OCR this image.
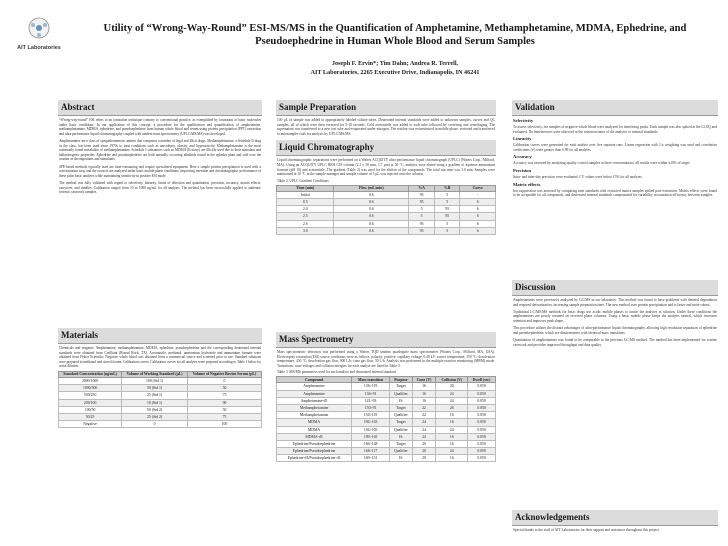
AIT Laboratories
Utility of “Wrong-Way-Round” ESI-MS/MS in the Quantification of Amphetamine, Methamphetamine, MDMA, Ephedrine, and
Pseudoephedrine in Human Whole Blood and Serum Samples
Joseph F. Ervin*; Tim Dahn; Andrea R. Terrell,
AIT Laboratories, 2265 Executive Drive, Indianapolis, IN 46241
Abstract

“Wrong-way-round” ESI refers to an ionization technique contrary to conventional practice, as exemplified by ionization of basic molecules under basic conditions. In our application of this concept, a procedure for the qualification and quantification of amphetamine, methamphetamine, MDMA, ephedrine, and pseudoephedrine from human whole blood and serum using protein precipitation (PPT) extraction and ultra performance liquid chromatography coupled with tandem mass spectrometry (UPLC/MS/MS) was developed.

Amphetamines are a class of sympathomimetic amines that comprises a number of legal and illicit drugs. Methamphetamine, a Schedule II drug in the class, has been used since 1970s to treat conditions such as narcolepsy, obesity, and hyperactivity. Methamphetamine is the most commonly found metabolite of methamphetamine. Schedule I substances such as MDMA (Ecstasy) are illicitly used due to their stimulant and hallucinogenic properties. Ephedrine and pseudoephedrine are both naturally occurring alkaloids found in the ephedra plant and sold over the counter as decongestants and stimulants.

SPE-based methods typically used are time-consuming and require specialized equipment. Here a simple protein precipitation is used with a concentration step, and the extracts are analyzed under basic mobile phase conditions, improving retention and chromatographic performance of these polar basic analytes while maintaining sensitivity in positive ESI mode.

The method was fully validated with regard to selectivity, linearity, limits of detection and quantitation, precision, accuracy, matrix effects, carryover, and stability. Calibration ranged from 10 to 1000 ng/mL for all analytes. The method has been successfully applied to authentic forensic casework samples.

Materials
Chemicals and reagents: Amphetamine, methamphetamine, MDMA, ephedrine, pseudoephedrine and the corresponding deuterated internal standards were obtained from Cerilliant (Round Rock, TX). Acetonitrile, methanol, ammonium hydroxide and ammonium formate were obtained from Fisher Scientific. Negative whole blood was obtained from a commercial source and screened prior to use. Standard solutions were prepared in methanol and stored frozen. Calibration curves: Calibration curves for all analytes were prepared according to Table 1 below by serial dilution.
Standard Concentration (ng/mL)	Volume of Working Standard (µL)	Volume of Negative Bovine Serum (µL)
2000/1000	100 (Std 1)	0
1000/500	50 (Std 1)	50
500/250	25 (Std 1)	75
200/100	10 (Std 1)	90
100/50	50 (Std 2)	50
50/25	25 (Std 2)	75
Negative	0	100
Sample Preparation
100 µL of sample was added to appropriately labeled culture tubes. Deuterated internal standards were added to unknown samples, curves and QC samples, all of which were then vortexed for 5-10 seconds. Cold acetonitrile was added to each tube followed by vortexing and centrifuging. The supernatant was transferred to a new test tube and evaporated under nitrogen. The residue was reconstituted in mobile phase, vortexed and transferred to autosampler vials for analysis by UPLC/MS/MS.
Liquid Chromatography
Liquid chromatographic separations were performed on a Waters ACQUITY ultra performance liquid chromatograph (UPLC) (Waters Corp., Milford, MA). Using an ACQUITY UPLC BEH C18 column (2.1 x 50 mm, 1.7 µm) at 50 °C, analytes were eluted using a gradient of aqueous ammonium formate (pH 10) and acetonitrile. The gradient (Table 2) was used for the elution of the compounds. The total run time was 3.0 min. Samples were maintained at 10 °C in the sample manager and sample volume of 5 µL was injected onto the column.
Table 2. UPLC Gradient Conditions
Time (min)	Flow (mL/min)	%A	%B	Curve
Initial	0.6	95	5	-
0.5	0.6	95	5	6
2.0	0.6	5	95	6
2.5	0.6	5	95	6
2.6	0.6	95	5	6
3.0	0.6	95	5	6
Mass Spectrometry
Mass spectrometric detection was performed using a Waters TQD tandem quadrupole mass spectrometer (Waters Corp., Milford, MA, USA). Electrospray ionization (ESI) source conditions were as follows: polarity, positive; capillary voltage, 0.40 kV; source temperature, 150 °C; desolvation temperature, 450 °C; desolvation gas flow, 900 L/h; cone gas flow, 50 L/h. Analysis was performed in the multiple reaction monitoring (MRM) mode. Transitions, cone voltages and collision energies for each analyte are listed in Table 3.
Table 3. MS/MS parameters used for each analyte and deuterated internal standard
Compound	Mass transition	Purpose	Cone (V)	Collision (V)	Dwell (sec)
Amphetamine	136>119	Target	16	20	0.050
Amphetamine	136>91	Qualifier	16	24	0.050
Amphetamine-d5	141>93	IS	16	24	0.050
Methamphetamine	150>91	Target	22	26	0.050
Methamphetamine	150>119	Qualifier	22	16	0.050
MDMA	194>163	Target	24	16	0.050
MDMA	194>105	Qualifier	24	24	0.050
MDMA-d5	199>165	IS	24	16	0.050
Ephedrine/Pseudoephedrine	166>148	Target	20	16	0.050
Ephedrine/Pseudoephedrine	166>117	Qualifier	20	24	0.050
Ephedrine-d3/Pseudoephedrine-d3	169>151	IS	20	16	0.050
Validation
Selectivity
To assess selectivity, ten samples of negative whole blood were analyzed for interfering peaks. Each sample was also spiked at the LLOQ and evaluated. No interferences were observed at the retention times of the analytes or internal standards.
Linearity
Calibration curves were generated for each analyte over five separate runs. Linear regression with 1/x weighting was used and correlation coefficients (r²) were greater than 0.99 for all analytes.
Accuracy
Accuracy was assessed by analyzing quality control samples at three concentrations; all results were within ±20% of target.
Precision
Intra- and inter-day precision were evaluated; CV values were below 15% for all analytes.
Matrix effects
Ion suppression was assessed by comparing neat standards with extracted matrix samples spiked post-extraction. Matrix effects were found to be acceptable for all compounds, and deuterated internal standards compensated for variability in ionization efficiency between samples.
Discussion

Amphetamines were previously analyzed by GC/MS in our laboratory. This method was found to have problems with thermal degradation and required derivatization, increasing sample preparation time. The new method uses protein precipitation and is faster and more robust.

Traditional LC/MS/MS methods for basic drugs use acidic mobile phases to ionize the analytes in solution. Under these conditions the amphetamines are poorly retained on reversed phase columns. Using a basic mobile phase keeps the analytes neutral, which increases retention and improves peak shape.

This procedure utilizes the distinct advantages of ultra-performance liquid chromatography, allowing high resolution separation of ephedrine and pseudoephedrine, which are diastereomers with identical mass transitions.

Quantitation of amphetamines was found to be comparable to the previous GC/MS method. The method has been implemented for routine casework and provides improved throughput and data quality.

Acknowledgements
Special thanks to the staff of AIT Laboratories for their support and assistance throughout this project.
